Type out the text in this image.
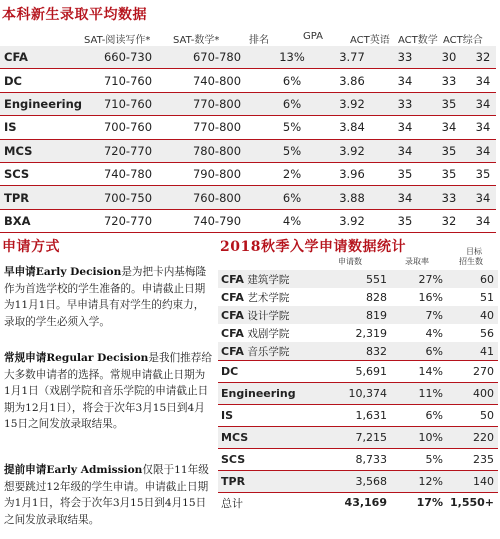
本科新生录取平均数据
SAT-阅读写作* SAT-数学*	排名	GPA	ACT英语 ACT数学 ACT综合
CFA	660-730	670-780	13%	3.77	33	30	32
DC	710-760	740-800	6%	3.86	34	33	34
Engineering	710-760	770-800	6%	3.92	33	35	34
IS	700-760	770-800	5%	3.84	34	34	34
MCS	720-770	780-800	5%	3.92	34	35	34
SCS	740-780	790-800	2%	3.96	35	35	35
TPR	700-750	760-800	6%	3.88	34	33	34
BXA	720-770	740-790	4%	3.92	35	32	34
申请方式
早申请Early Decision是为把卡内基梅隆作为首选学校的学生准备的。申请截止日期为11月1日。早申请具有对学生的约束力，录取的学生必须入学。
常规申请Regular Decision是我们推荐给大多数申请者的选择。常规申请截止日期为1月1日（戏剧学院和音乐学院的申请截止日期为12月1日），将会于次年3月15日到4月15日之间发放录取结果。
提前申请Early Admission仅限于11年级想要跳过12年级的学生申请。申请截止日期为1月1日，将会于次年3月15日到4月15日之间发放录取结果。
2018秋季入学申请数据统计
申请数	录取率
目标
招生数
CFA 建筑学院	551	27%	60
CFA 艺术学院	828	16%	51
CFA 设计学院	819	7%	40
CFA 戏剧学院	2,319	4%	56
CFA 音乐学院	832	6%	41
DC	5,691	14%	270
Engineering	10,374	11%	400
IS	1,631	6%	50
MCS	7,215	10%	220
SCS	8,733	5%	235
TPR	3,568	12%	140
总计	43,169	17%	1,550+
